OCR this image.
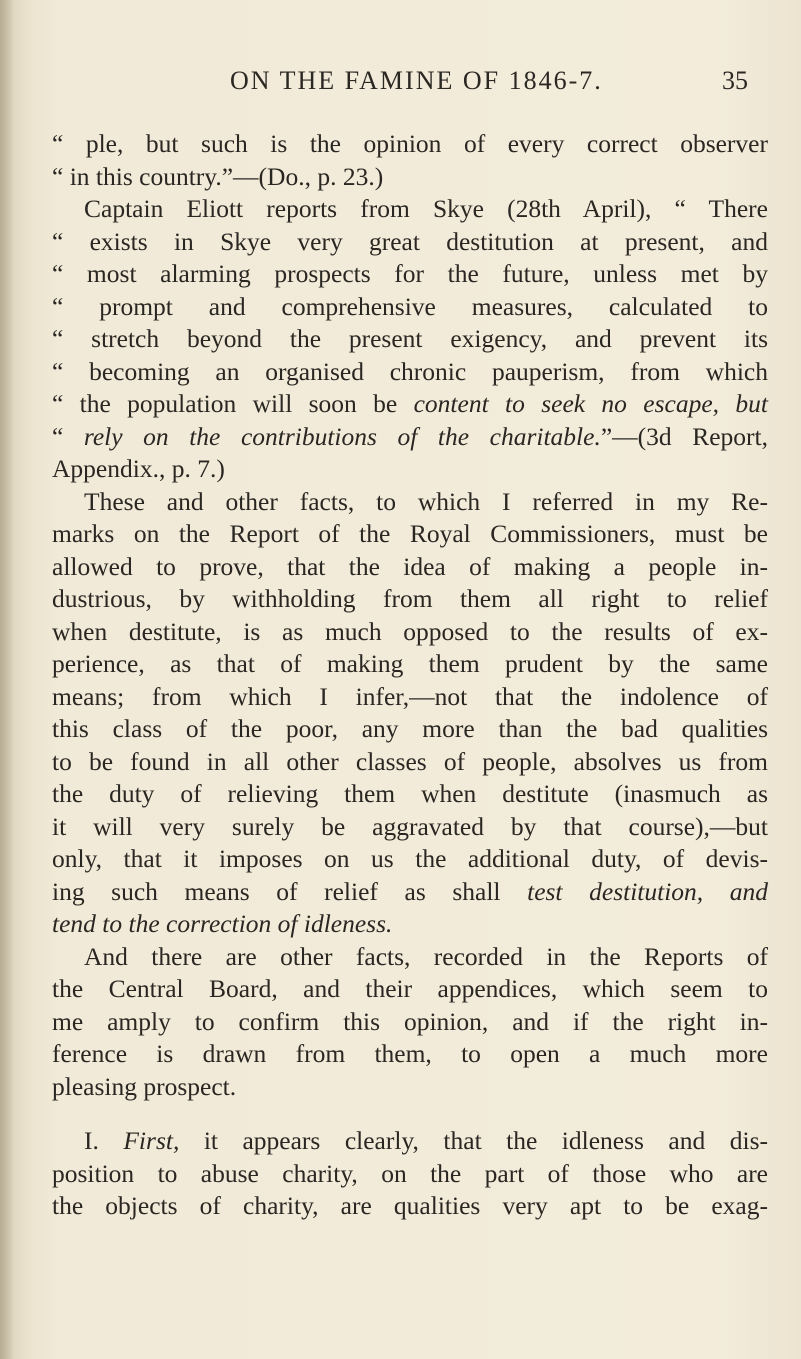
ON THE FAMINE OF 1846-7.	35
“ ple, but such is the opinion of every correct observer
“ in this country.”—(Do., p. 23.)
Captain Eliott reports from Skye (28th April), “ There
“ exists in Skye very great destitution at present, and
“ most alarming prospects for the future, unless met by
“ prompt and comprehensive measures, calculated to
“ stretch beyond the present exigency, and prevent its
“ becoming an organised chronic pauperism, from which
“ the population will soon be content to seek no escape, but
“ rely on the contributions of the charitable.”—(3d Report,
Appendix., p. 7.)
These and other facts, to which I referred in my Re-
marks on the Report of the Royal Commissioners, must be
allowed to prove, that the idea of making a people in-
dustrious, by withholding from them all right to relief
when destitute, is as much opposed to the results of ex-
perience, as that of making them prudent by the same
means; from which I infer,—not that the indolence of
this class of the poor, any more than the bad qualities
to be found in all other classes of people, absolves us from
the duty of relieving them when destitute (inasmuch as
it will very surely be aggravated by that course),—but
only, that it imposes on us the additional duty, of devis-
ing such means of relief as shall test destitution, and
tend to the correction of idleness.
And there are other facts, recorded in the Reports of
the Central Board, and their appendices, which seem to
me amply to confirm this opinion, and if the right in-
ference is drawn from them, to open a much more
pleasing prospect.
I. First, it appears clearly, that the idleness and dis-
position to abuse charity, on the part of those who are
the objects of charity, are qualities very apt to be exag-
